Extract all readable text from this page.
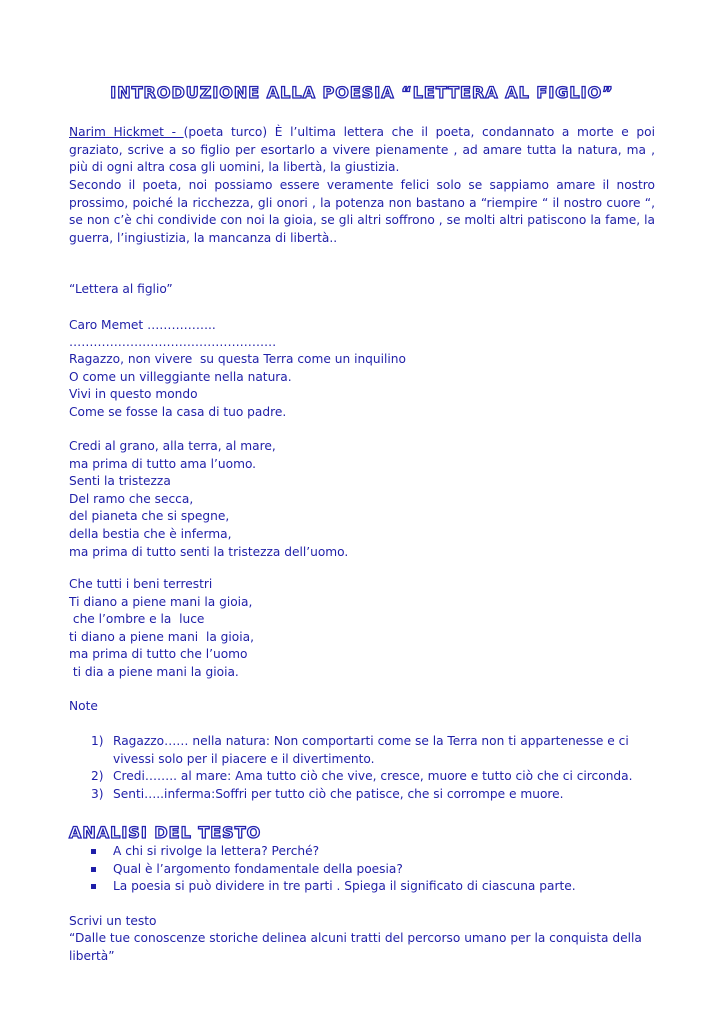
INTRODUZIONE ALLA POESIA “LETTERA AL FIGLIO”
Narim Hickmet - (poeta turco) È l’ultima lettera che il poeta, condannato a morte e poi graziato, scrive a so figlio per esortarlo a vivere pienamente , ad amare tutta la natura, ma , più di ogni altra cosa gli uomini, la libertà, la giustizia.
Secondo il poeta, noi possiamo essere veramente felici solo se sappiamo amare il nostro prossimo, poiché la ricchezza, gli onori , la potenza non bastano a “riempire “ il nostro cuore “, se non c’è chi condivide con noi la gioia, se gli altri soffrono , se molti altri patiscono la fame, la guerra, l’ingiustizia, la mancanza di libertà..
“Lettera al figlio”
Caro Memet ……………..
……………………………………………
Ragazzo, non vivere  su questa Terra come un inquilino
O come un villeggiante nella natura.
Vivi in questo mondo
Come se fosse la casa di tuo padre.
Credi al grano, alla terra, al mare,
ma prima di tutto ama l’uomo.
Senti la tristezza
Del ramo che secca,
del pianeta che si spegne,
della bestia che è inferma,
ma prima di tutto senti la tristezza dell’uomo.
Che tutti i beni terrestri
Ti diano a piene mani la gioia,
che l’ombre e la  luce
ti diano a piene mani  la gioia,
ma prima di tutto che l’uomo
ti dia a piene mani la gioia.
Note
1) Ragazzo…… nella natura: Non comportarti come se la Terra non ti appartenesse e ci vivessi solo per il piacere e il divertimento.
2) Credi…….. al mare: Ama tutto ciò che vive, cresce, muore e tutto ciò che ci circonda.
3) Senti…..inferma:Soffri per tutto ciò che patisce, che si corrompe e muore.
ANALISI DEL TESTO
A chi si rivolge la lettera? Perché?
Qual è l’argomento fondamentale della poesia?
La poesia si può dividere in tre parti . Spiega il significato di ciascuna parte.
Scrivi un testo
“Dalle tue conoscenze storiche delinea alcuni tratti del percorso umano per la conquista della libertà”
